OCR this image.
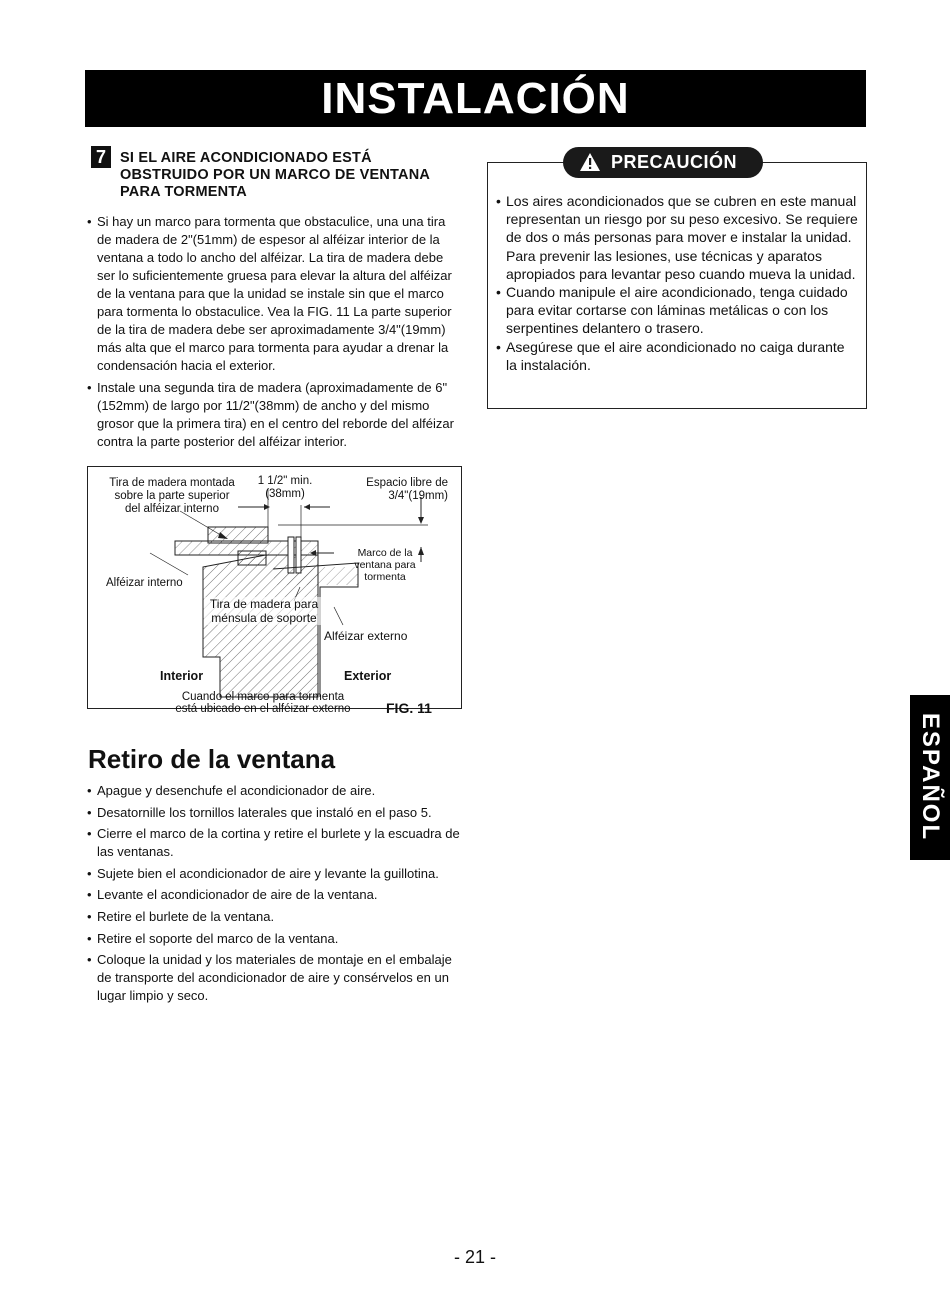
INSTALACIÓN
7 SI EL AIRE ACONDICIONADO ESTÁ OBSTRUIDO POR UN MARCO DE VENTANA PARA TORMENTA
• Si hay un marco para tormenta que obstaculice, una una tira de madera de 2"(51mm) de espesor al alféizar interior de la ventana a todo lo ancho del alféizar. La tira de madera debe ser lo suficientemente gruesa para elevar la altura del alféizar de la ventana para que la unidad se instale sin que el marco para tormenta lo obstaculice. Vea la FIG. 11 La parte superior de la tira de madera debe ser aproximadamente 3/4"(19mm) más alta que el marco para tormenta para ayudar a drenar la condensación hacia el exterior.
• Instale una segunda tira de madera (aproximadamente de 6"(152mm) de largo por 11/2"(38mm) de ancho y del mismo grosor que la primera tira) en el centro del reborde del alféizar contra la parte posterior del alféizar interior.
Tira de madera montada
sobre la parte superior
del alféizar interno
1 1/2" min.
(38mm)
Espacio libre de
3/4"(19mm)
Marco de la
ventana para
tormenta
Alféizar interno
Tira de madera para
ménsula de soporte
Alféizar externo
Interior	Exterior
Cuando el marco para tormenta
está ubicado en el alféizar externo	FIG. 11
Retiro de la ventana
• Apague y desenchufe el acondicionador de aire.
• Desatornille los tornillos laterales que instaló en el paso 5.
• Cierre el marco de la cortina y retire el burlete y la escuadra de las ventanas.
• Sujete bien el acondicionador de aire y levante la guillotina.
• Levante el acondicionador de aire de la ventana.
• Retire el burlete de la ventana.
• Retire el soporte del marco de la ventana.
• Coloque la unidad y los materiales de montaje en el embalaje de transporte del acondicionador de aire y consérvelos en un lugar limpio y seco.
PRECAUCIÓN
• Los aires acondicionados que se cubren en este manual representan un riesgo por su peso excesivo. Se requiere de dos o más personas para mover e instalar la unidad. Para prevenir las lesiones, use técnicas y aparatos apropiados para levantar peso cuando mueva la unidad.
• Cuando manipule el aire acondicionado, tenga cuidado para evitar cortarse con láminas metálicas o con los serpentines delantero o trasero.
• Asegúrese que el aire acondicionado no caiga durante la instalación.
ESPAÑOL
- 21 -
